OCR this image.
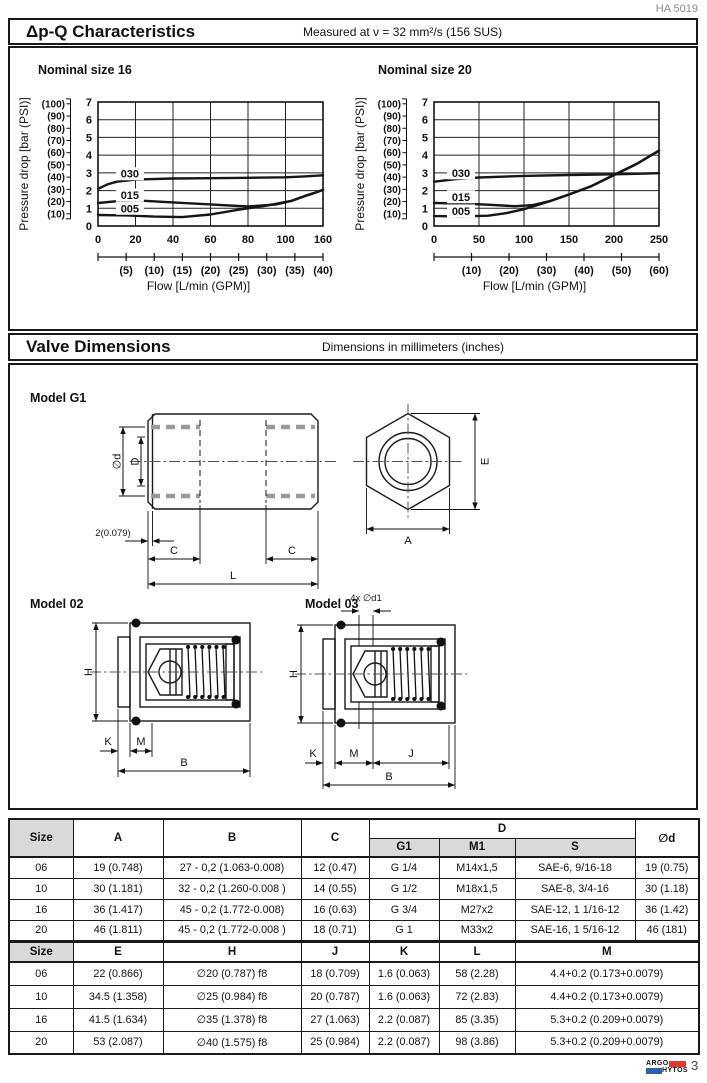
HA 5019
Δp-Q Characteristics	Measured at ν = 32 mm²/s (156 SUS)
Nominal size 16	Nominal size 20
0
1
2
3
4
5
6
7
(100)
(90)
(80)
(70)
(60)
(50)
(40)
(30)
(20)
(10)
0	20 40 60 80 100 160
(5) (10) (15) (20) (25) (30) (35) (40)
Flow [L/min (GPM)]
Pressure drop [bar (PSI)]	030
015
005
0
1
2
3
4
5
6
7
(100)
(90)
(80)
(70)
(60)
(50)
(40)
(30)
(20)
(10)
0	50	100 150 200 250
(10) (20) (30) (40) (50) (60)
Flow [L/min (GPM)]
Pressure drop [bar (PSI)]	030
015
005
Valve Dimensions	Dimensions in millimeters (inches)
Model G1
∅d D
2(0.079)
C	C
L
E
A
Model 02	Model 03
H
K M
B
4x ∅d1
H
K	M	J
B
Size	A	B	C	D			∅d
				G1	M1	S	
06	19 (0.748)	27 - 0,2 (1.063-0.008)	12 (0.47)	G 1/4	M14x1,5	SAE-6, 9/16-18	19 (0.75)
10	30 (1.181)	32 - 0,2 (1.260-0.008 )	14 (0.55)	G 1/2	M18x1,5	SAE-8, 3/4-16	30 (1.18)
16	36 (1.417)	45 - 0,2 (1.772-0.008)	16 (0.63)	G 3/4	M27x2	SAE-12, 1 1/16-12	36 (1.42)
20	46 (1.811)	45 - 0,2 (1.772-0.008 )	18 (0.71)	G 1	M33x2	SAE-16, 1 5/16-12	46 (181)
Size	E	H	J	K	L	M
06	22 (0.866)	∅20 (0.787) f8	18 (0.709)	1.6 (0.063)	58 (2.28)	4.4+0.2 (0.173+0.0079)
10	34.5 (1.358)	∅25 (0.984) f8	20 (0.787)	1.6 (0.063)	72 (2.83)	4.4+0.2 (0.173+0.0079)
16	41.5 (1.634)	∅35 (1.378) f8	27 (1.063)	2.2 (0.087)	85 (3.35)	5.3+0.2 (0.209+0.0079)
20	53 (2.087)	∅40 (1.575) f8	25 (0.984)	2.2 (0.087)	98 (3.86)	5.3+0.2 (0.209+0.0079)
ARGO
HYTOS 3
